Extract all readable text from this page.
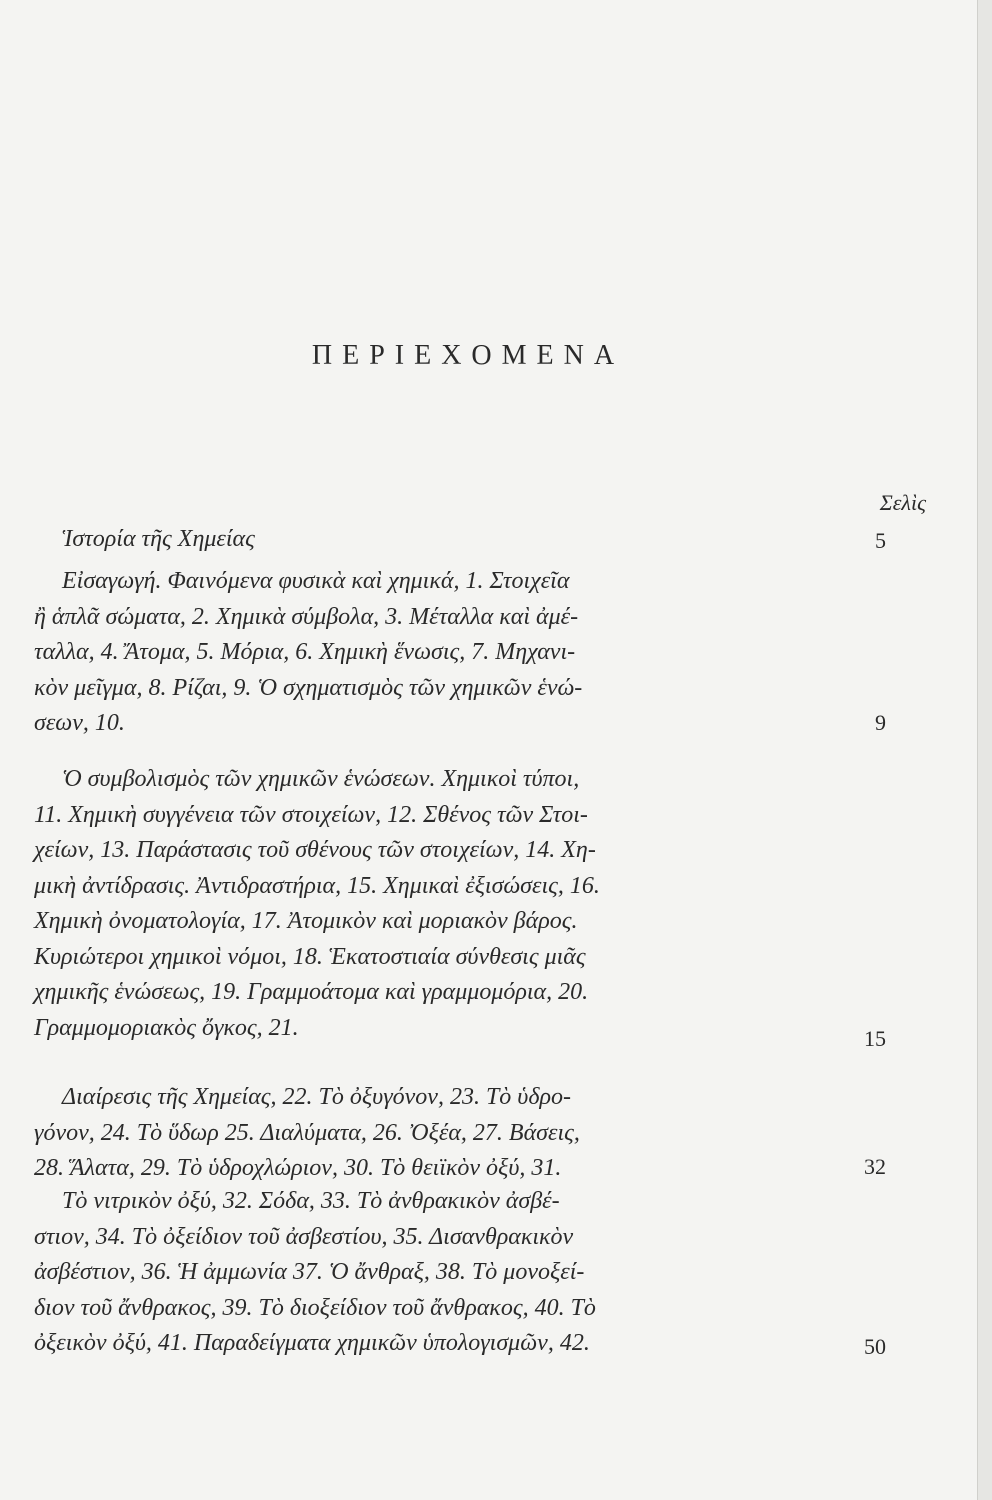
ΠΕΡΙΕΧΟΜΕΝΑ
Σελὶς

Ἱστορία τῆς Χημείας	5

Εἰσαγωγή. Φαινόμενα φυσικὰ καὶ χημικά, 1. Στοιχεῖα

ἢ ἁπλᾶ σώματα, 2. Χημικὰ σύμβολα, 3. Μέταλλα καὶ ἀμέ-

ταλλα, 4. Ἄτομα, 5. Μόρια, 6. Χημικὴ ἕνωσις, 7. Μηχανι-

κὸν μεῖγμα, 8. Ρίζαι, 9. Ὁ σχηματισμὸς τῶν χημικῶν ἑνώ-

σεων, 10.	9

Ὁ συμβολισμὸς τῶν χημικῶν ἑνώσεων. Χημικοὶ τύποι,

11. Χημικὴ συγγένεια τῶν στοιχείων, 12. Σθένος τῶν Στοι-

χείων, 13. Παράστασις τοῦ σθένους τῶν στοιχείων, 14. Χη-

μικὴ ἀντίδρασις. Ἀντιδραστήρια, 15. Χημικαὶ ἐξισώσεις, 16.

Χημικὴ ὀνοματολογία, 17. Ἀτομικὸν καὶ μοριακὸν βάρος.

Κυριώτεροι χημικοὶ νόμοι, 18. Ἑκατοστιαία σύνθεσις μιᾶς

χημικῆς ἑνώσεως, 19. Γραμμοάτομα καὶ γραμμομόρια, 20.

Γραμμομοριακὸς ὄγκος, 21.	15

Διαίρεσις τῆς Χημείας, 22. Τὸ ὀξυγόνον, 23. Τὸ ὑδρο-

γόνον, 24. Τὸ ὕδωρ 25. Διαλύματα, 26. Ὀξέα, 27. Βάσεις,

28. Ἅλατα, 29. Τὸ ὑδροχλώριον, 30. Τὸ θειϊκὸν ὀξύ, 31.	32

Τὸ νιτρικὸν ὀξύ, 32. Σόδα, 33. Τὸ ἀνθρακικὸν ἀσβέ-

στιον, 34. Τὸ ὀξείδιον τοῦ ἀσβεστίου, 35. Δισανθρακικὸν

ἀσβέστιον, 36. Ἡ ἀμμωνία 37. Ὁ ἄνθραξ, 38. Τὸ μονοξεί-

διον τοῦ ἄνθρακος, 39. Τὸ διοξείδιον τοῦ ἄνθρακος, 40. Τὸ

ὀξεικὸν ὀξύ, 41. Παραδείγματα χημικῶν ὑπολογισμῶν, 42.	50
